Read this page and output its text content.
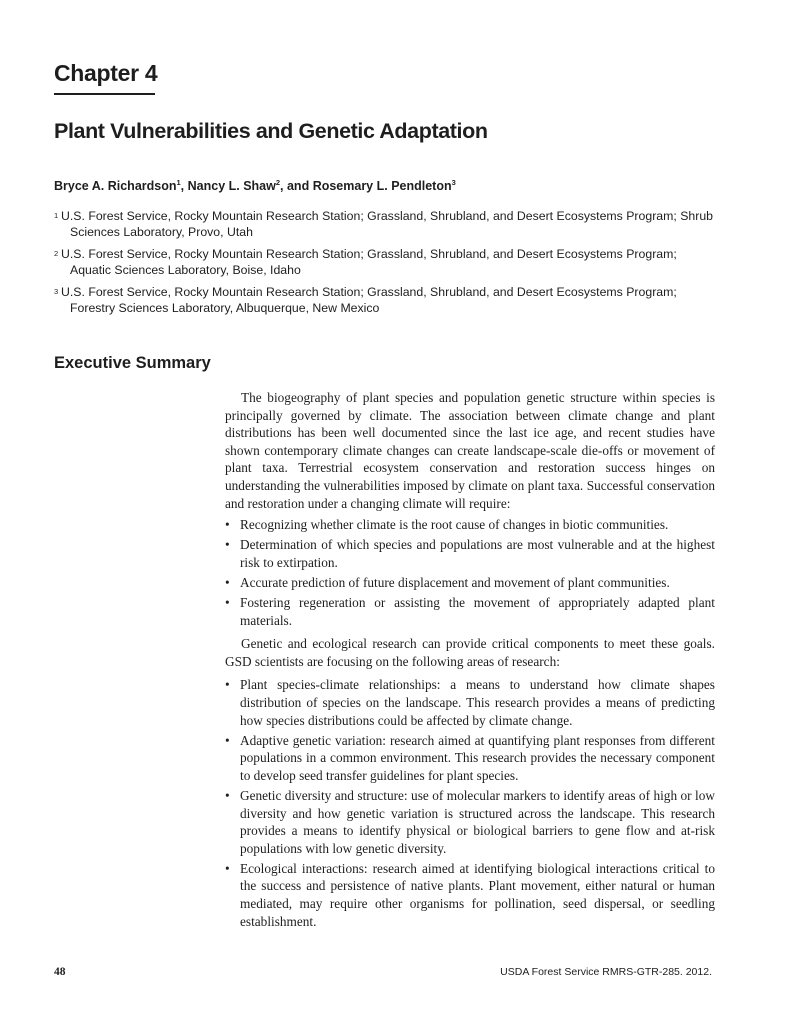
Chapter 4
Plant Vulnerabilities and Genetic Adaptation
Bryce A. Richardson$^1$, Nancy L. Shaw$^2$, and Rosemary L. Pendleton$^3$
1 U.S. Forest Service, Rocky Mountain Research Station; Grassland, Shrubland, and Desert Ecosystems Program; Shrub
Sciences Laboratory, Provo, Utah
2 U.S. Forest Service, Rocky Mountain Research Station; Grassland, Shrubland, and Desert Ecosystems Program;
Aquatic Sciences Laboratory, Boise, Idaho
3 U.S. Forest Service, Rocky Mountain Research Station; Grassland, Shrubland, and Desert Ecosystems Program;
Forestry Sciences Laboratory, Albuquerque, New Mexico
Executive Summary

The biogeography of plant species and population genetic structure within species is principally governed by climate. The association between climate change and plant distributions has been well documented since the last ice age, and recent studies have shown contemporary climate changes can create landscape-scale die-offs or movement of plant taxa. Terrestrial ecosystem conservation and restoration success hinges on understanding the vulnerabilities imposed by climate on plant taxa. Successful conservation and restoration under a changing climate will require:

• Recognizing whether climate is the root cause of changes in biotic communities.
• Determination of which species and populations are most vulnerable and at the highest risk to extirpation.
• Accurate prediction of future displacement and movement of plant communities.
• Fostering regeneration or assisting the movement of appropriately adapted plant materials.

Genetic and ecological research can provide critical components to meet these goals. GSD scientists are focusing on the following areas of research:

• Plant species-climate relationships: a means to understand how climate shapes distribution of species on the landscape. This research provides a means of predicting how species distributions could be affected by climate change.
• Adaptive genetic variation: research aimed at quantifying plant responses from different populations in a common environment. This research provides the necessary component to develop seed transfer guidelines for plant species.
• Genetic diversity and structure: use of molecular markers to identify areas of high or low diversity and how genetic variation is structured across the landscape. This research provides a means to identify physical or biological barriers to gene flow and at-risk populations with low genetic diversity.
• Ecological interactions: research aimed at identifying biological interactions critical to the success and persistence of native plants. Plant movement, either natural or human mediated, may require other organisms for pollination, seed dispersal, or seedling establishment.
48	USDA Forest Service RMRS-GTR-285. 2012.
